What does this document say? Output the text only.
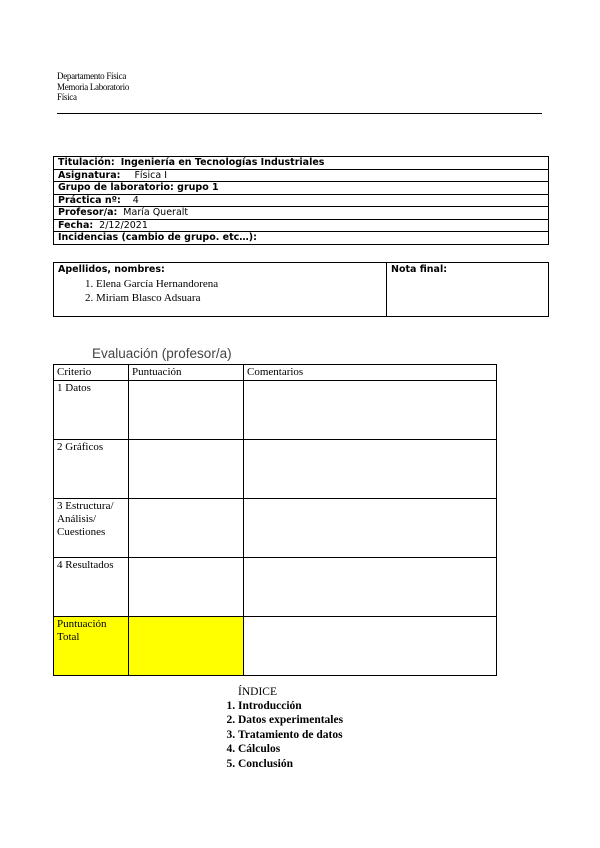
Departamento Física
Memoria Laboratorio
Física
Titulación: Ingeniería en Tecnologías Industriales
Asignatura: Física I
Grupo de laboratorio: grupo 1
Práctica nº: 4
Profesor/a: María Queralt
Fecha: 2/12/2021
Incidencias (cambio de grupo. etc…):
Apellidos, nombres:
1. Elena García Hernandorena
2. Miriam Blasco Adsuara
	Nota final:
Evaluación (profesor/a)
Criterio	Puntuación	Comentarios
1 Datos		
2 Gráficos		
3 Estructura/ Análisis/ Cuestiones		
4 Resultados		
Puntuación Total		
ÍNDICE
1. Introducción
2. Datos experimentales
3. Tratamiento de datos
4. Cálculos
5. Conclusión
